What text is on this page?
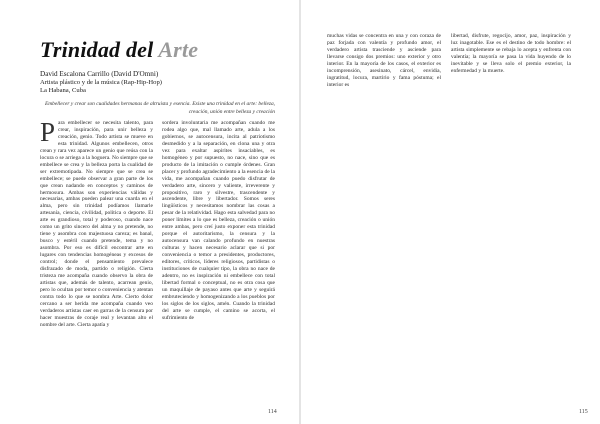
Trinidad del Arte
David Escalona Carrillo (David D'Omni)
Artista plástico y de la música (Rap-Hip-Hop)
La Habana, Cuba
Embellecer y crear son cualidades hermanas de altruista y esencia. Existe una trinidad en el arte: belleza, creación, unión entre belleza y creación
Para embellecer se necesita talento, para crear, inspiración, para unir belleza y creación, genio. Todo artista se mueve en esta trinidad. Algunos embellecen, otros crean y rara vez aparece un genio que reúsa con la locura o se arriega a la hoguera. No siempre que se embellece se crea y la belleza porta la cualidad de ser extremotipada. No siempre que se crea se embellece; se puede observar a gran parte de los que crean nadando en conceptos y caminos de hermosura. Ambas son experiencias válidas y necesarias, ambas pueden palear una cuarda en el alma, pero sin trinidad podíamos llamarle artesanía, ciencia, civilidad, política o deporte. El arte es grandioso, total y poderoso, cuando nace como un grito sincero del alma y no pretende, no tiene y asombra con majestuosa careza; es banal, busco y estéril cuando pretende, tema y no asombra. Por eso es difícil encontrar arte en lugares con tendencias homogéneas y excesos de control; donde el pensamiento prevalece disfrazado de moda, partido o religión. Cierta tristeza me acompaña cuando observo la obra de artistas que, además de talento, acarrean genio, pero lo ocultan por temor o conveniencia y atentan contra todo lo que se nombra Arte. Cierto dolor cercano a ser herida me acompaña cuando veo verdaderos artistas caer en garras de la censura por hacer muestras de coraje real y levantan alto el nombre del arte. Cierta apatía y
sordera involuntaria me acompañan cuando me rodea algo que, mal llamado arte, adula a los gobiernos, se autocensura, incita al patriotismo desmedido y a la separación, en clona una y otra vez para exaltar aspirites insaciables, es homogéneo y por supuesto, no nace, sino que es producto de la imitación o cumple órdenes. Gran placer y profundo agradecimiento a la esencia de la vida, me acompañan cuando puedo disfrutar de verdadero arte, sincero y valiente, irreverente y propositivo, raro y silvestre, trascendente y ascendente, libre y libertador. Somos seres lingüísticos y necesitamos nombrar las cosas a pesar de la relatividad. Hago esta salvedad para no poner límites a lo que es belleza, creación o unión entre ambas, pero creí justo exponer esta trinidad porque el autoritarismo, la censura y la autocensura van calando profundo en nuestras culturas y hacen necesario aclarar que si por conveniencia o temor a presidentes, productores, editores, críticos, líderes religiosos, partidistas o instituciones de cualquier tipo, la obra no nace de adentro, no es inspiración ni embellece con total libertad formal o conceptual, no es otra cosa que un maquillaje de payaso antes que arte y seguirá embruteciendo y homogenizando a los pueblos por los siglos de los siglos, amén. Cuando la trinidad del arte se cumple, el camino se acorta, el sufrimiento de
114
muchas vidas se concentra en una y con coraza de paz forjada con valentía y profundo amor, el verdadero artista trasciende y asciende para llevarse consigo dos premios: uno exterior y otro interior. En la mayoría de los casos, el exterior es incomprensión, asesinato, cárcel, envidia, ingratitud, locura, martirio y fama póstuma; el interior es
libertad, disfrute, regocijo, amor, paz, inspiración y luz inagotable. Ese es el destino de todo hombre: el artista simplemente se rebaja lo acepta y enfrenta con valentía; la mayoría se pasa la vida huyendo de lo inevitable y se lleva solo el premio exterior, la enfermedad y la muerte.
115
